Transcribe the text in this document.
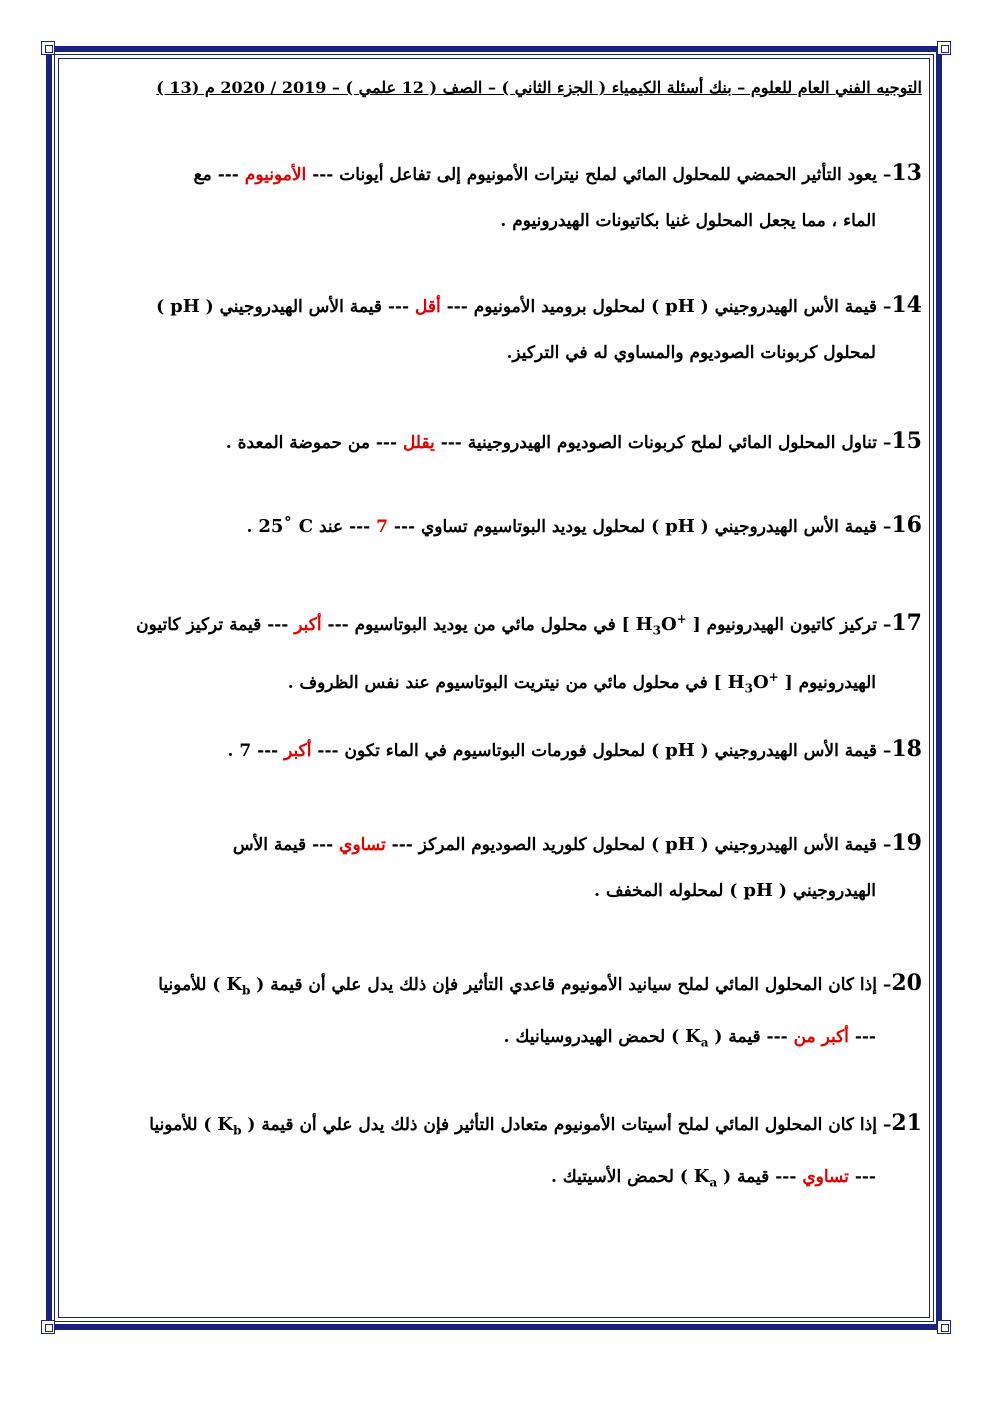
التوجيه الفني العام للعلوم – بنك أسئلة الكيمياء ( الجزء الثاني ) – الصف ( 12 علمي ) – 2019 / 2020 م (13 )
13– يعود التأثير الحمضي للمحلول المائي لملح نيترات الأمونيوم إلى تفاعل أيونات --- الأمونيوم --- مع
الماء ، مما يجعل المحلول غنيا بكاتيونات الهيدرونيوم .
14– قيمة الأس الهيدروجيني ( pH ) لمحلول بروميد الأمونيوم --- أقل --- قيمة الأس الهيدروجيني ( pH )
لمحلول كربونات الصوديوم والمساوي له في التركيز.
15– تناول المحلول المائي لملح كربونات الصوديوم الهيدروجينية --- يقلل --- من حموضة المعدة .
16– قيمة الأس الهيدروجيني ( pH ) لمحلول يوديد البوتاسيوم تساوي --- 7 --- عند 25˚ C .
17– تركيز كاتيون الهيدرونيوم [ $H_3O^+$ ] في محلول مائي من يوديد البوتاسيوم --- أكبر --- قيمة تركيز كاتيون
الهيدرونيوم [ $H_3O^+$ ] في محلول مائي من نيتريت البوتاسيوم عند نفس الظروف .
18– قيمة الأس الهيدروجيني ( pH ) لمحلول فورمات البوتاسيوم في الماء تكون --- أكبر --- 7 .
19– قيمة الأس الهيدروجيني ( pH ) لمحلول كلوريد الصوديوم المركز --- تساوي --- قيمة الأس
الهيدروجيني ( pH ) لمحلوله المخفف .
20– إذا كان المحلول المائي لملح سيانيد الأمونيوم قاعدي التأثير فإن ذلك يدل علي أن قيمة ( $K_b$ ) للأمونيا
--- أكبر من --- قيمة ( $K_a$ ) لحمض الهيدروسيانيك .
21– إذا كان المحلول المائي لملح أسيتات الأمونيوم متعادل التأثير فإن ذلك يدل علي أن قيمة ( $K_b$ ) للأمونيا
--- تساوي --- قيمة ( $K_a$ ) لحمض الأسيتيك .
